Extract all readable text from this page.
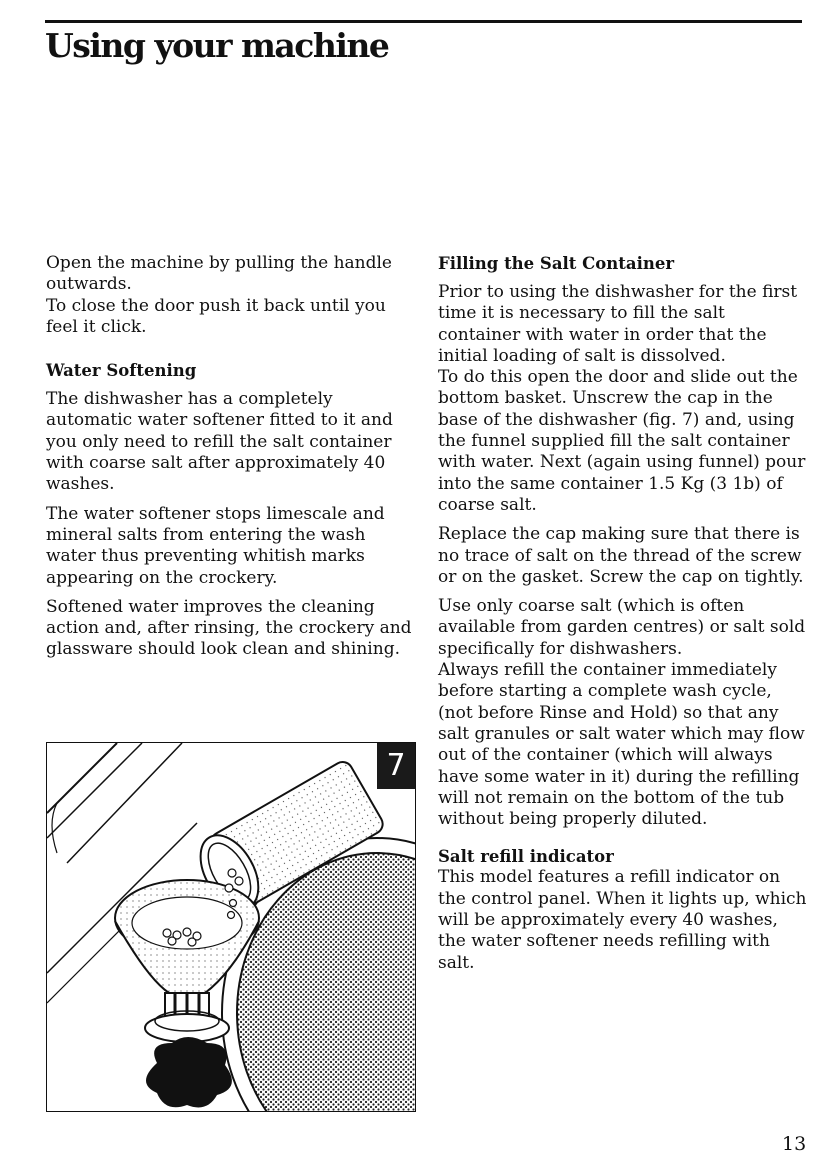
Using your machine

Open the machine by pulling the handle outwards.

To close the door push it back until you feel it click.

Water Softening

The dishwasher has a completely automatic water softener fitted to it and you only need to refill the salt container with coarse salt after approximately 40 washes.

The water softener stops limescale and mineral salts from entering the wash water thus preventing whitish marks appearing on the crockery.

Softened water improves the cleaning action and, after rinsing, the crockery and glassware should look clean and shining.

7
Filling the Salt Container

Prior to using the dishwasher for the first time it is necessary to fill the salt container with water in order that the initial loading of salt is dissolved.

To do this open the door and slide out the bottom basket. Unscrew the cap in the base of the dishwasher (fig. 7) and, using the funnel supplied fill the salt container with water. Next (again using funnel) pour into the same container 1.5 Kg (3 1b) of coarse salt.

Replace the cap making sure that there is no trace of salt on the thread of the screw or on the gasket. Screw the cap on tightly.

Use only coarse salt (which is often available from garden centres) or salt sold specifically for dishwashers.

Always refill the container immediately before starting a complete wash cycle, (not before Rinse and Hold) so that any salt granules or salt water which may flow out of the container (which will always have some water in it) during the refilling will not remain on the bottom of the tub without being properly diluted.

Salt refill indicator

This model features a refill indicator on the control panel. When it lights up, which will be approximately every 40 washes, the water softener needs refilling with salt.

13
